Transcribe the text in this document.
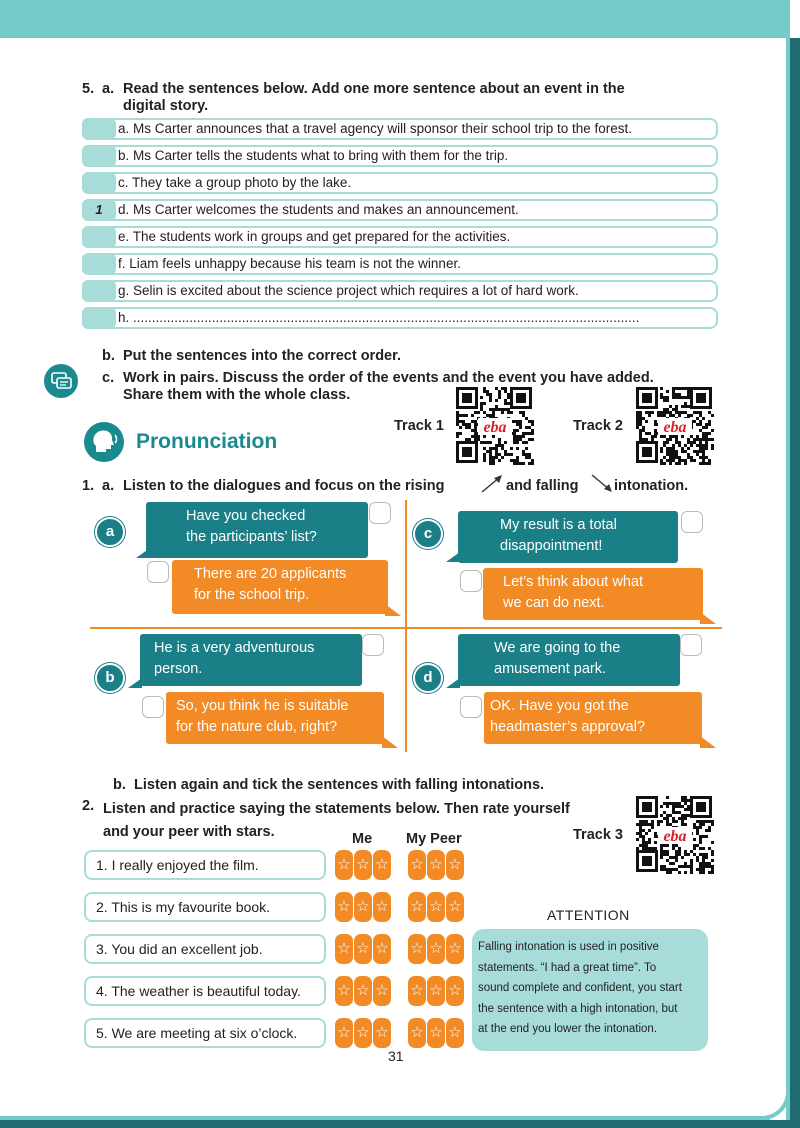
5. a. Read the sentences below. Add one more sentence about an event in the
digital story.
a. Ms Carter announces that a travel agency will sponsor their school trip to the forest.
b. Ms Carter tells the students what to bring with them for the trip.
c. They take a group photo by the lake.
1	d. Ms Carter welcomes the students and makes an announcement.
e. The students work in groups and get prepared for the activities.
f. Liam feels unhappy because his team is not the winner.
g. Selin is excited about the science project which requires a lot of hard work.
h. .......................................................................................................................................
b. Put the sentences into the correct order.
c. Work in pairs. Discuss the order of the events and the event you have added.
Share them with the whole class.
Track 1 eba	Track 2	eba
Pronunciation
1. a. Listen to the dialogues and focus on the rising	and falling intonation.
a
Have you checked
the participants’ list?
There are 20 applicants
for the school trip.
c	My result is a total
disappointment!
Let’s think about what
we can do next.
b
He is a very adventurous
person.
So, you think he is suitable
for the nature club, right?
d
We are going to the
amusement park.
OK. Have you got the
headmaster’s approval?
b. Listen again and tick the sentences with falling intonations.
2. Listen and practice saying the statements below. Then rate yourself
and your peer with stars.	Me My Peer	Track 3	eba
1. I really enjoyed the film.	☆ ☆ ☆ ☆ ☆ ☆
2. This is my favourite book.	☆ ☆ ☆ ☆ ☆ ☆
3. You did an excellent job.	☆ ☆ ☆ ☆ ☆ ☆
4. The weather is beautiful today.	☆ ☆ ☆ ☆ ☆ ☆
5. We are meeting at six o’clock.	☆ ☆ ☆ ☆ ☆ ☆
ATTENTION
Falling intonation is used in positive
statements. “I had a great time”. To
sound complete and confident, you start
the sentence with a high intonation, but
at the end you lower the intonation.
31
